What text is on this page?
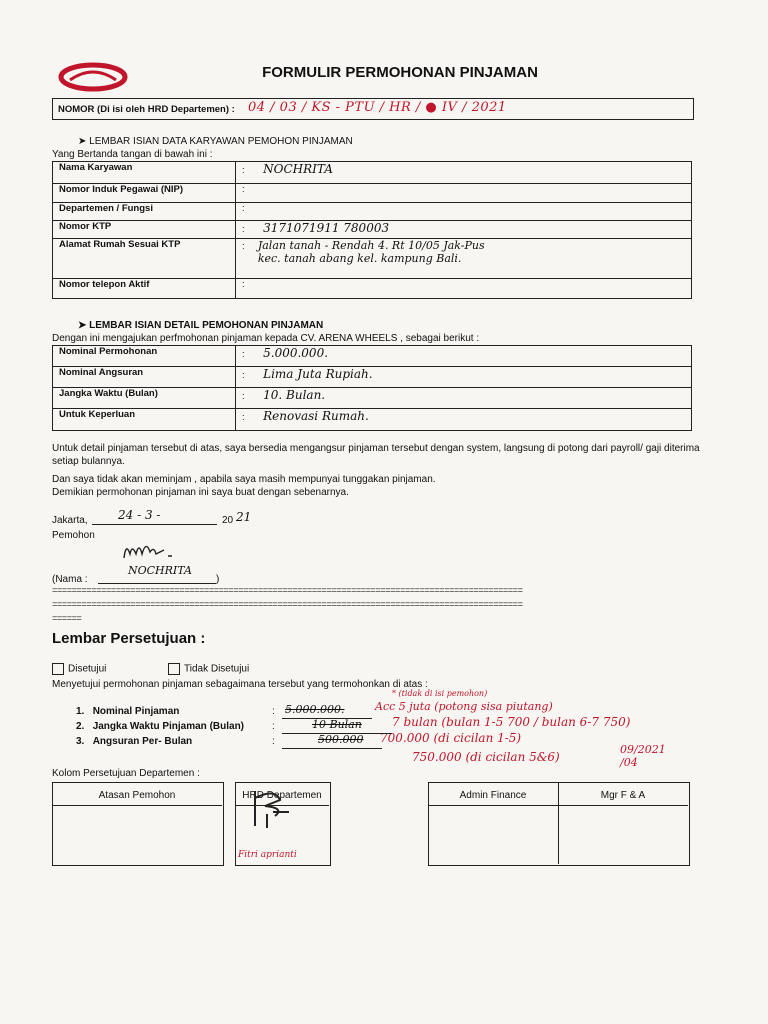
FORMULIR PERMOHONAN PINJAMAN
NOMOR (Di isi oleh HRD Departemen) : 04 / 03 / KS - PTU / HR / ● IV / 2021
➤ LEMBAR ISIAN DATA KARYAWAN PEMOHON PINJAMAN
Yang Bertanda tangan di bawah ini :
Nama Karyawan	: NOCHRITA
Nomor Induk Pegawai (NIP)	:
Departemen / Fungsi	:
Nomor KTP	: 3171071911 780003
Alamat Rumah Sesuai KTP	: Jalan tanah - Rendah 4. Rt 10/05 Jak-Pus
kec. tanah abang kel. kampung Bali.
Nomor telepon Aktif	:
➤ LEMBAR ISIAN DETAIL PEMOHONAN PINJAMAN
Dengan ini mengajukan perfmohonan pinjaman kepada CV. ARENA WHEELS , sebagai berikut :
Nominal Permohonan	: 5.000.000.
Nominal Angsuran	: Lima Juta Rupiah.
Jangka Waktu (Bulan)	: 10. Bulan.
Untuk Keperluan	: Renovasi Rumah.
Untuk detail pinjaman tersebut di atas, saya bersedia mengangsur pinjaman tersebut dengan system, langsung di potong dari payroll/ gaji diterima setiap bulannya.
Dan saya tidak akan meminjam , apabila saya masih mempunyai tunggakan pinjaman.
Demikian permohonan pinjaman ini saya buat dengan sebenarnya.
Jakarta,	24 - 3 -	20 21
Pemohon
(Nama :
NOCHRITA
)
================================================================================================
================================================================================================
======
Lembar Persetujuan :
Disetujui	Tidak Disetujui
Menyetujui permohonan pinjaman sebagaimana tersebut yang termohonkan di atas :
* (tidak di isi pemohon)
1. Nominal Pinjaman	: 5.000.000.	Acc 5 juta (potong sisa piutang)
2. Jangka Waktu Pinjaman (Bulan)	:	10 Bulan	7 bulan (bulan 1-5 700 / bulan 6-7 750)
3. Angsuran Per- Bulan	:	500.000 700.000 (di cicilan 1-5)
750.000 (di cicilan 5&6)
09/2021 /04
Kolom Persetujuan Departemen :
Atasan Pemohon	HRD Departemen
Fitri aprianti
Admin Finance	Mgr F & A
